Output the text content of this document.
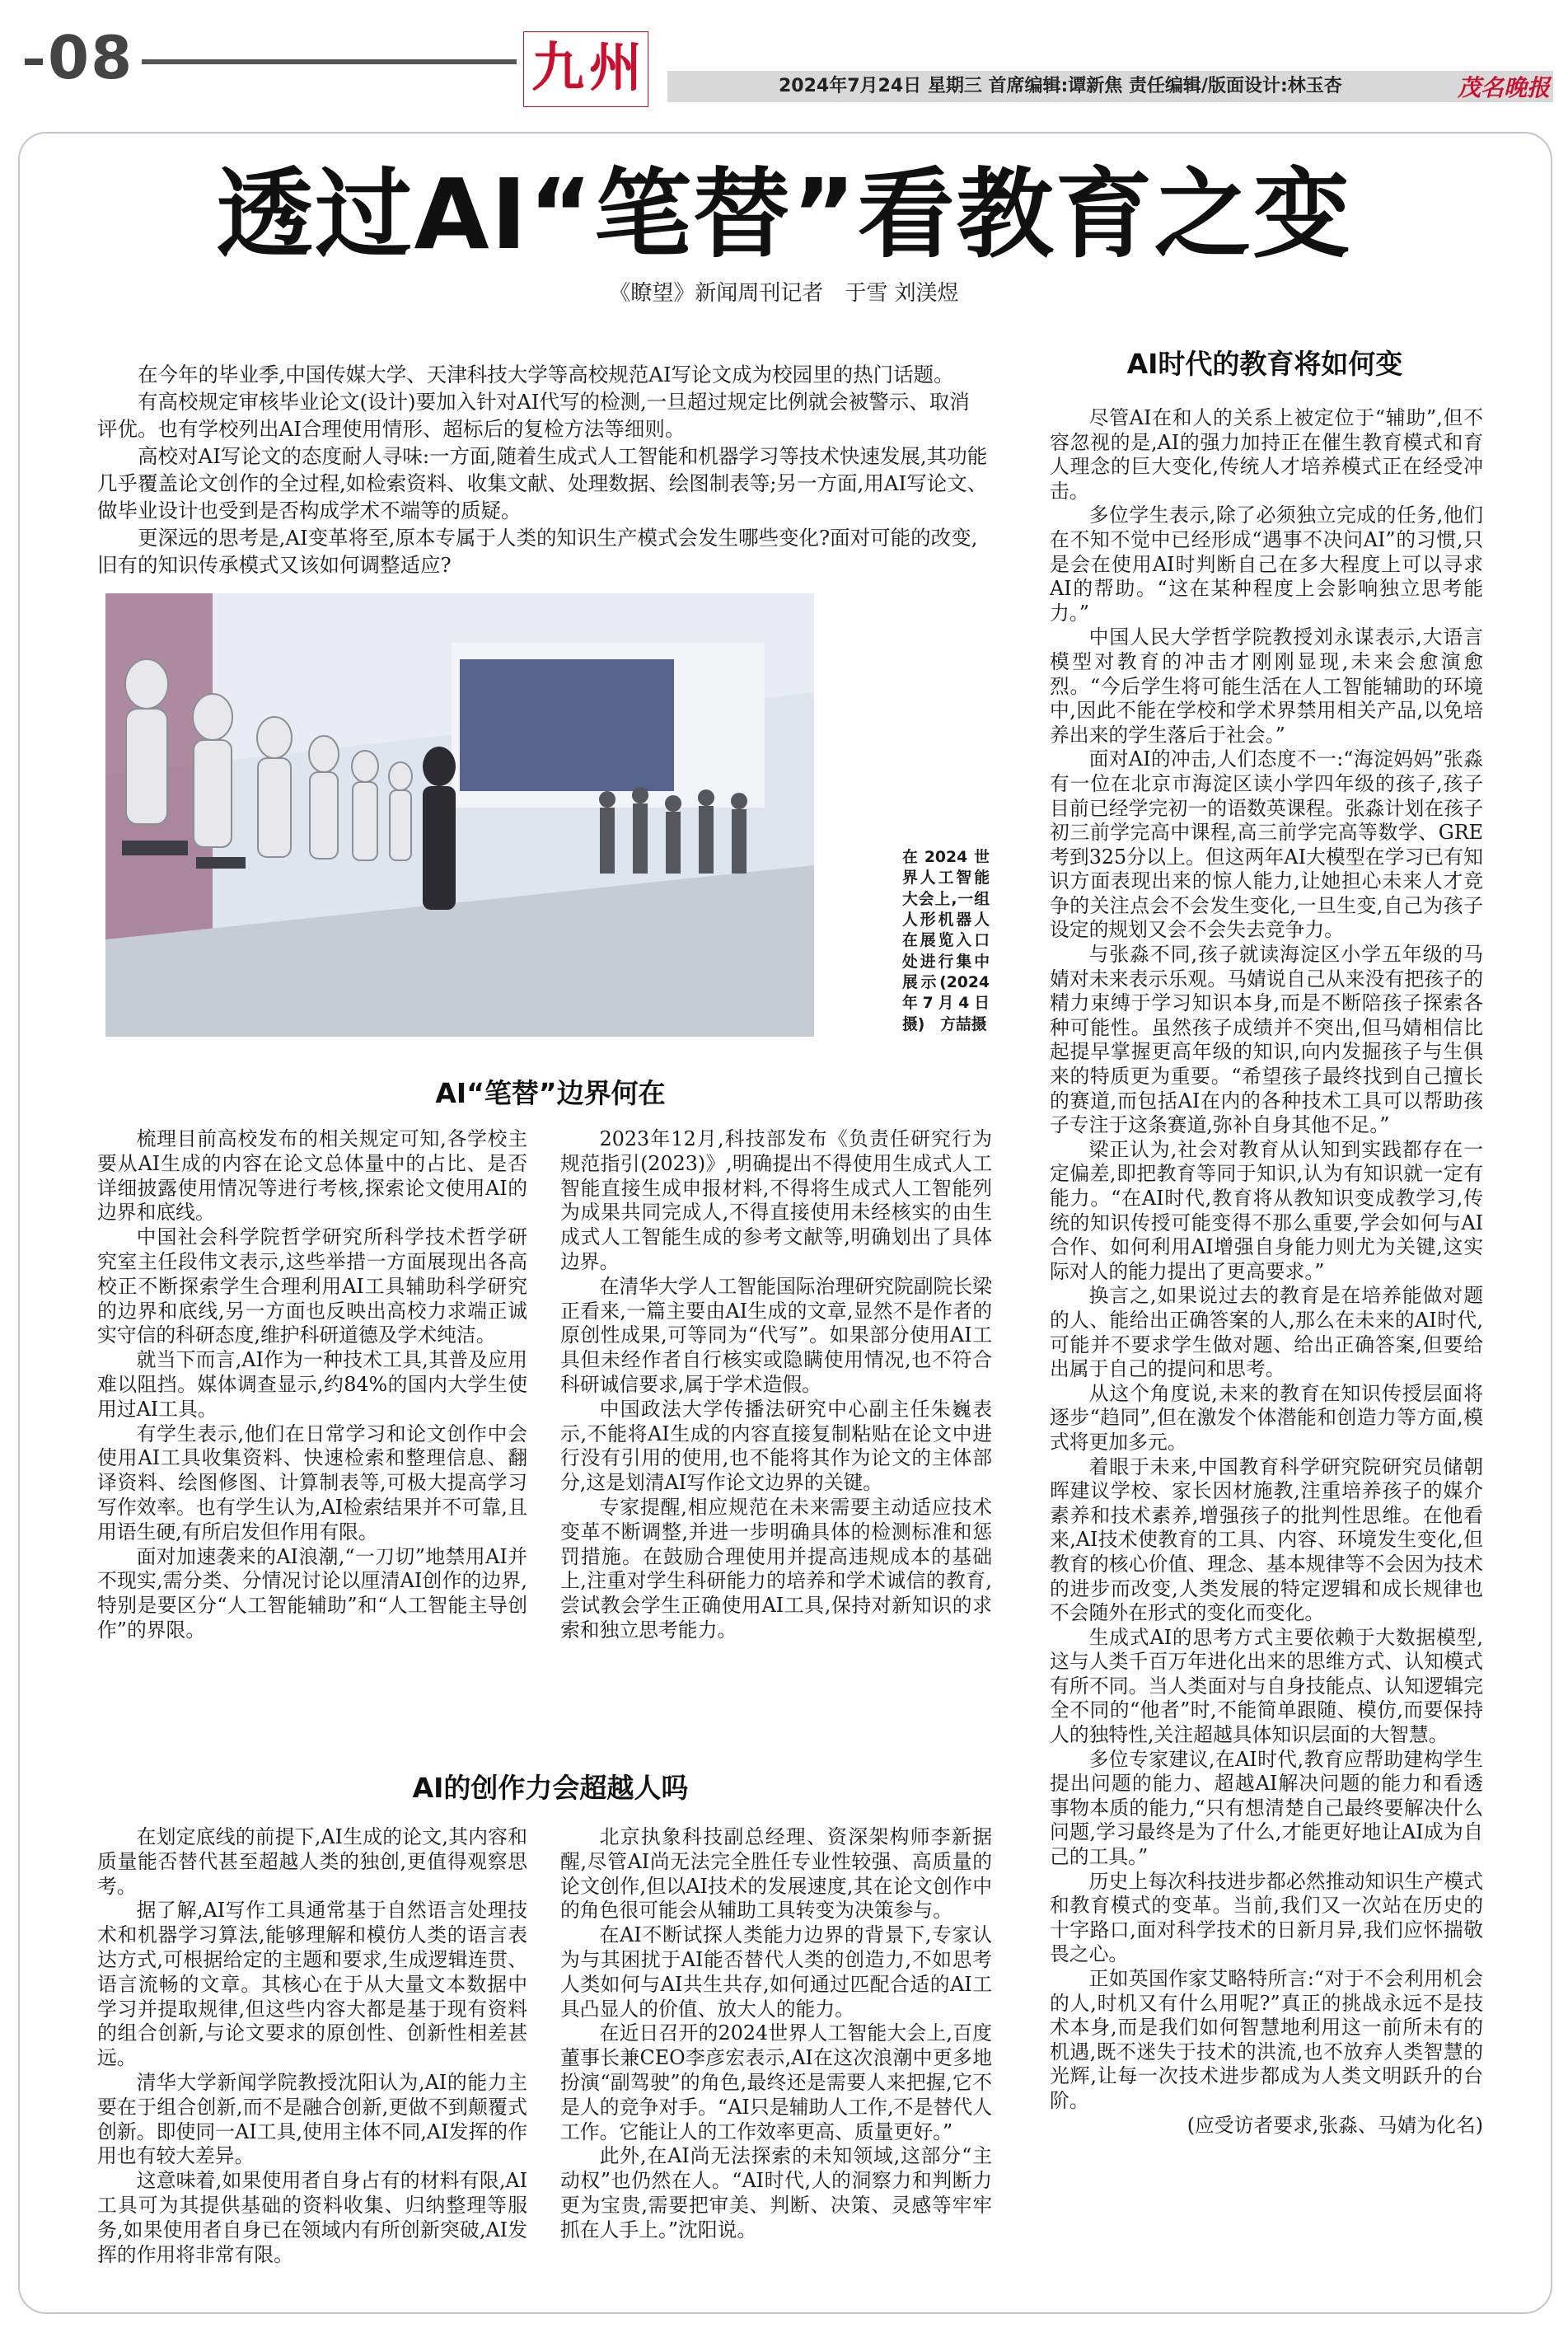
08	九州	2024年7月24日 星期三 首席编辑:谭新焦 责任编辑/版面设计:林玉杏	茂名晚报
透过AI“笔替”看教育之变
《瞭望》新闻周刊记者　于雪 刘渼煜

在今年的毕业季,中国传媒大学、天津科技大学等高校规范AI写论文成为校园里的热门话题。

有高校规定审核毕业论文(设计)要加入针对AI代写的检测,一旦超过规定比例就会被警示、取消评优。也有学校列出AI合理使用情形、超标后的复检方法等细则。

高校对AI写论文的态度耐人寻味:一方面,随着生成式人工智能和机器学习等技术快速发展,其功能几乎覆盖论文创作的全过程,如检索资料、收集文献、处理数据、绘图制表等;另一方面,用AI写论文、做毕业设计也受到是否构成学术不端等的质疑。

更深远的思考是,AI变革将至,原本专属于人类的知识生产模式会发生哪些变化?面对可能的改变,旧有的知识传承模式又该如何调整适应?

在2024世界人工智能大会上,一组人形机器人在展览入口处进行集中展示(2024年7月4日摄)　方喆摄
AI“笔替”边界何在

梳理目前高校发布的相关规定可知,各学校主要从AI生成的内容在论文总体量中的占比、是否详细披露使用情况等进行考核,探索论文使用AI的边界和底线。

中国社会科学院哲学研究所科学技术哲学研究室主任段伟文表示,这些举措一方面展现出各高校正不断探索学生合理利用AI工具辅助科学研究的边界和底线,另一方面也反映出高校力求端正诚实守信的科研态度,维护科研道德及学术纯洁。

就当下而言,AI作为一种技术工具,其普及应用难以阻挡。媒体调查显示,约84%的国内大学生使用过AI工具。

有学生表示,他们在日常学习和论文创作中会使用AI工具收集资料、快速检索和整理信息、翻译资料、绘图修图、计算制表等,可极大提高学习写作效率。也有学生认为,AI检索结果并不可靠,且用语生硬,有所启发但作用有限。

面对加速袭来的AI浪潮,“一刀切”地禁用AI并不现实,需分类、分情况讨论以厘清AI创作的边界,特别是要区分“人工智能辅助”和“人工智能主导创作”的界限。

2023年12月,科技部发布《负责任研究行为规范指引(2023)》,明确提出不得使用生成式人工智能直接生成申报材料,不得将生成式人工智能列为成果共同完成人,不得直接使用未经核实的由生成式人工智能生成的参考文献等,明确划出了具体边界。

在清华大学人工智能国际治理研究院副院长梁正看来,一篇主要由AI生成的文章,显然不是作者的原创性成果,可等同为“代写”。如果部分使用AI工具但未经作者自行核实或隐瞒使用情况,也不符合科研诚信要求,属于学术造假。

中国政法大学传播法研究中心副主任朱巍表示,不能将AI生成的内容直接复制粘贴在论文中进行没有引用的使用,也不能将其作为论文的主体部分,这是划清AI写作论文边界的关键。

专家提醒,相应规范在未来需要主动适应技术变革不断调整,并进一步明确具体的检测标准和惩罚措施。在鼓励合理使用并提高违规成本的基础上,注重对学生科研能力的培养和学术诚信的教育,尝试教会学生正确使用AI工具,保持对新知识的求索和独立思考能力。

AI的创作力会超越人吗

在划定底线的前提下,AI生成的论文,其内容和质量能否替代甚至超越人类的独创,更值得观察思考。

据了解,AI写作工具通常基于自然语言处理技术和机器学习算法,能够理解和模仿人类的语言表达方式,可根据给定的主题和要求,生成逻辑连贯、语言流畅的文章。其核心在于从大量文本数据中学习并提取规律,但这些内容大都是基于现有资料的组合创新,与论文要求的原创性、创新性相差甚远。

清华大学新闻学院教授沈阳认为,AI的能力主要在于组合创新,而不是融合创新,更做不到颠覆式创新。即使同一AI工具,使用主体不同,AI发挥的作用也有较大差异。

这意味着,如果使用者自身占有的材料有限,AI工具可为其提供基础的资料收集、归纳整理等服务,如果使用者自身已在领域内有所创新突破,AI发挥的作用将非常有限。

北京执象科技副总经理、资深架构师李新据醒,尽管AI尚无法完全胜任专业性较强、高质量的论文创作,但以AI技术的发展速度,其在论文创作中的角色很可能会从辅助工具转变为决策参与。

在AI不断试探人类能力边界的背景下,专家认为与其困扰于AI能否替代人类的创造力,不如思考人类如何与AI共生共存,如何通过匹配合适的AI工具凸显人的价值、放大人的能力。

在近日召开的2024世界人工智能大会上,百度董事长兼CEO李彦宏表示,AI在这次浪潮中更多地扮演“副驾驶”的角色,最终还是需要人来把握,它不是人的竞争对手。“AI只是辅助人工作,不是替代人工作。它能让人的工作效率更高、质量更好。”

此外,在AI尚无法探索的未知领域,这部分“主动权”也仍然在人。“AI时代,人的洞察力和判断力更为宝贵,需要把审美、判断、决策、灵感等牢牢抓在人手上。”沈阳说。

AI时代的教育将如何变

尽管AI在和人的关系上被定位于“辅助”,但不容忽视的是,AI的强力加持正在催生教育模式和育人理念的巨大变化,传统人才培养模式正在经受冲击。

多位学生表示,除了必须独立完成的任务,他们在不知不觉中已经形成“遇事不决问AI”的习惯,只是会在使用AI时判断自己在多大程度上可以寻求AI的帮助。“这在某种程度上会影响独立思考能力。”

中国人民大学哲学院教授刘永谋表示,大语言模型对教育的冲击才刚刚显现,未来会愈演愈烈。“今后学生将可能生活在人工智能辅助的环境中,因此不能在学校和学术界禁用相关产品,以免培养出来的学生落后于社会。”

面对AI的冲击,人们态度不一:“海淀妈妈”张淼有一位在北京市海淀区读小学四年级的孩子,孩子目前已经学完初一的语数英课程。张淼计划在孩子初三前学完高中课程,高三前学完高等数学、GRE考到325分以上。但这两年AI大模型在学习已有知识方面表现出来的惊人能力,让她担心未来人才竞争的关注点会不会发生变化,一旦生变,自己为孩子设定的规划又会不会失去竞争力。

与张淼不同,孩子就读海淀区小学五年级的马婧对未来表示乐观。马婧说自己从来没有把孩子的精力束缚于学习知识本身,而是不断陪孩子探索各种可能性。虽然孩子成绩并不突出,但马婧相信比起提早掌握更高年级的知识,向内发掘孩子与生俱来的特质更为重要。“希望孩子最终找到自己擅长的赛道,而包括AI在内的各种技术工具可以帮助孩子专注于这条赛道,弥补自身其他不足。”

梁正认为,社会对教育从认知到实践都存在一定偏差,即把教育等同于知识,认为有知识就一定有能力。“在AI时代,教育将从教知识变成教学习,传统的知识传授可能变得不那么重要,学会如何与AI合作、如何利用AI增强自身能力则尤为关键,这实际对人的能力提出了更高要求。”

换言之,如果说过去的教育是在培养能做对题的人、能给出正确答案的人,那么在未来的AI时代,可能并不要求学生做对题、给出正确答案,但要给出属于自己的提问和思考。

从这个角度说,未来的教育在知识传授层面将逐步“趋同”,但在激发个体潜能和创造力等方面,模式将更加多元。

着眼于未来,中国教育科学研究院研究员储朝晖建议学校、家长因材施教,注重培养孩子的媒介素养和技术素养,增强孩子的批判性思维。在他看来,AI技术使教育的工具、内容、环境发生变化,但教育的核心价值、理念、基本规律等不会因为技术的进步而改变,人类发展的特定逻辑和成长规律也不会随外在形式的变化而变化。

生成式AI的思考方式主要依赖于大数据模型,这与人类千百万年进化出来的思维方式、认知模式有所不同。当人类面对与自身技能点、认知逻辑完全不同的“他者”时,不能简单跟随、模仿,而要保持人的独特性,关注超越具体知识层面的大智慧。

多位专家建议,在AI时代,教育应帮助建构学生提出问题的能力、超越AI解决问题的能力和看透事物本质的能力,“只有想清楚自己最终要解决什么问题,学习最终是为了什么,才能更好地让AI成为自己的工具。”

历史上每次科技进步都必然推动知识生产模式和教育模式的变革。当前,我们又一次站在历史的十字路口,面对科学技术的日新月异,我们应怀揣敬畏之心。

正如英国作家艾略特所言:“对于不会利用机会的人,时机又有什么用呢?”真正的挑战永远不是技术本身,而是我们如何智慧地利用这一前所未有的机遇,既不迷失于技术的洪流,也不放弃人类智慧的光辉,让每一次技术进步都成为人类文明跃升的台阶。

(应受访者要求,张淼、马婧为化名)
